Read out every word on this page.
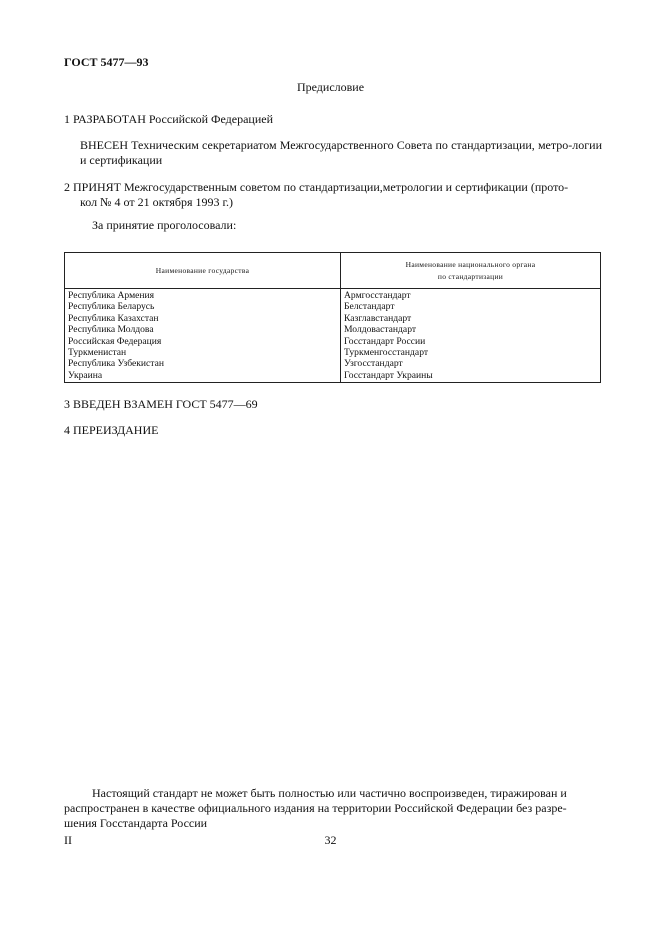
ГОСТ 5477—93
Предисловие
1 РАЗРАБОТАН Российской Федерацией
ВНЕСЕН Техническим секретариатом Межгосударственного Совета по стандартизации, метро-логии и сертификации
2 ПРИНЯТ Межгосударственным советом по стандартизации,метрологии и сертификации (прото-
кол № 4 от 21 октября 1993 г.)
За принятие проголосовали:
Наименование государства	Наименование национального органа
по стандартизации
Республика Армения	Армгосстандарт
Республика Беларусь	Белстандарт
Республика Казахстан	Казглавстандарт
Республика Молдова	Молдовастандарт
Российская Федерация	Госстандарт России
Туркменистан	Туркменгосстандарт
Республика Узбекистан	Узгосстандарт
Украина	Госстандарт Украины
3 ВВЕДЕН ВЗАМЕН ГОСТ 5477—69
4 ПЕРЕИЗДАНИЕ
Настоящий стандарт не может быть полностью или частично воспроизведен, тиражирован и
распространен в качестве официального издания на территории Российской Федерации без разре-
шения Госстандарта России
II	32
